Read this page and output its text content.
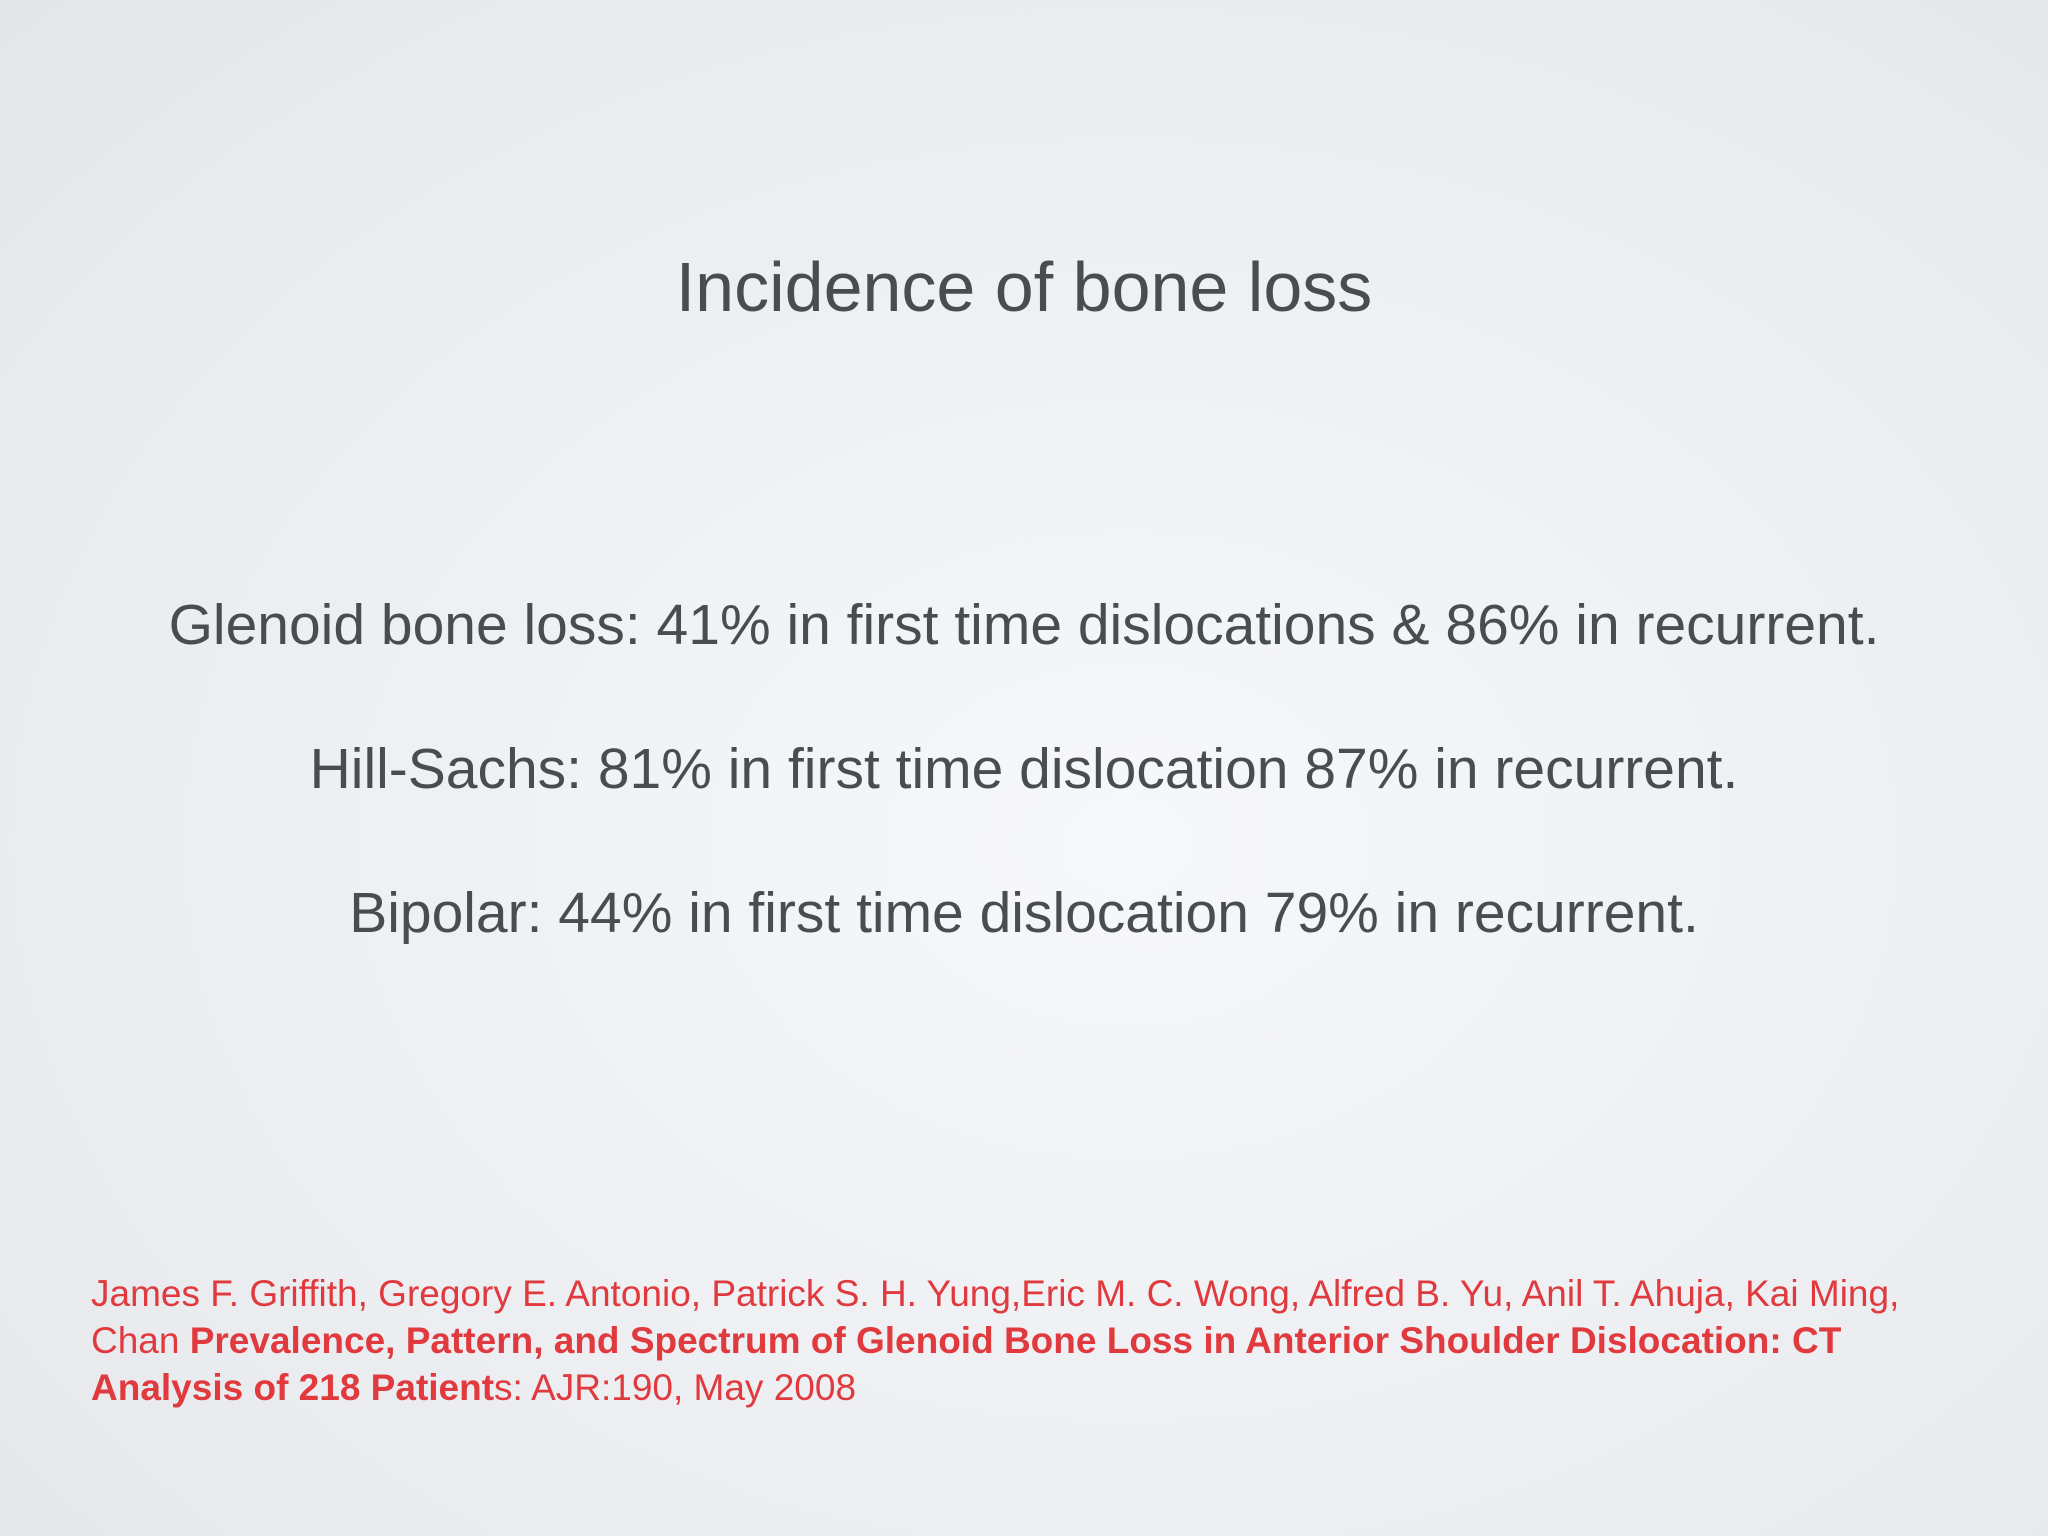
Incidence of bone loss
Glenoid bone loss: 41% in first time dislocations & 86% in recurrent.
Hill-Sachs: 81% in first time dislocation 87% in recurrent.
Bipolar: 44% in first time dislocation 79% in recurrent.
James F. Griffith, Gregory E. Antonio, Patrick S. H. Yung,Eric M. C. Wong, Alfred B. Yu, Anil T. Ahuja, Kai Ming, Chan Prevalence, Pattern, and Spectrum of Glenoid Bone Loss in Anterior Shoulder Dislocation: CT Analysis of 218 Patients: AJR:190, May 2008
